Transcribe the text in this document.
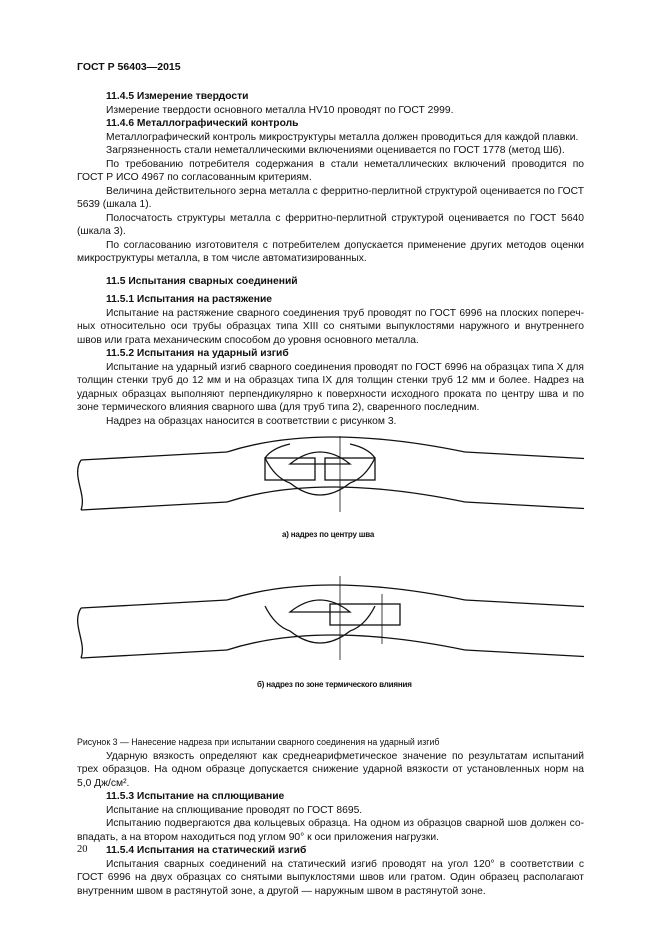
ГОСТ Р 56403—2015

11.4.5 Измерение твердости

Измерение твердости основного металла HV10 проводят по ГОСТ 2999.

11.4.6 Металлографический контроль

Металлографический контроль микроструктуры металла должен проводиться для каждой плавки.

Загрязненность стали неметаллическими включениями оценивается по ГОСТ 1778 (метод Ш6).

По требованию потребителя содержания в стали неметаллических включений проводится по ГОСТ Р ИСО 4967 по согласованным критериям.

Величина действительного зерна металла с ферритно-перлитной структурой оценивается по ГОСТ 5639 (шкала 1).

Полосчатость структуры металла с ферритно-перлитной структурой оценивается по ГОСТ 5640 (шкала 3).

По согласованию изготовителя с потребителем допускается применение других методов оценки микроструктуры металла, в том числе автоматизированных.

11.5 Испытания сварных соединений

11.5.1 Испытания на растяжение

Испытание на растяжение сварного соединения труб проводят по ГОСТ 6996 на плоских поперечных относительно оси трубы образцах типа XIII со снятыми выпуклостями наружного и внутреннего швов или грата механическим способом до уровня основного металла.

11.5.2 Испытания на ударный изгиб

Испытание на ударный изгиб сварного соединения проводят по ГОСТ 6996 на образцах типа X для толщин стенки труб до 12 мм и на образцах типа IX для толщин стенки труб 12 мм и более. Надрез на ударных образцах выполняют перпендикулярно к поверхности исходного проката по центру шва и по зоне термического влияния сварного шва (для труб типа 2), сваренного последним.

Надрез на образцах наносится в соответствии с рисунком 3.

а) надрез по центру шва
б) надрез по зоне термического влияния

Рисунок 3 — Нанесение надреза при испытании сварного соединения на ударный изгиб

Ударную вязкость определяют как среднеарифметическое значение по результатам испытаний трех образцов. На одном образце допускается снижение ударной вязкости от установленных норм на 5,0 Дж/см².

11.5.3 Испытание на сплющивание

Испытание на сплющивание проводят по ГОСТ 8695.

Испытанию подвергаются два кольцевых образца. На одном из образцов сварной шов должен совпадать, а на втором находиться под углом 90° к оси приложения нагрузки.

11.5.4 Испытания на статический изгиб

Испытания сварных соединений на статический изгиб проводят на угол 120° в соответствии с ГОСТ 6996 на двух образцах со снятыми выпуклостями швов или гратом. Один образец располагают внутренним швом в растянутой зоне, а другой — наружным швом в растянутой зоне.

20
